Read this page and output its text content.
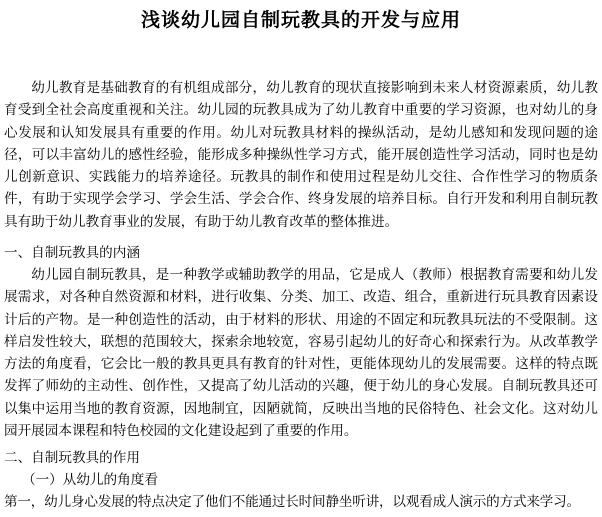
浅谈幼儿园自制玩教具的开发与应用

幼儿教育是基础教育的有机组成部分，幼儿教育的现状直接影响到未来人材资源素质，幼儿教育受到全社会高度重视和关注。幼儿园的玩教具成为了幼儿教育中重要的学习资源，也对幼儿的身心发展和认知发展具有重要的作用。幼儿对玩教具材料的操纵活动，是幼儿感知和发现问题的途径，可以丰富幼儿的感性经验，能形成多种操纵性学习方式，能开展创造性学习活动，同时也是幼儿创新意识、实践能力的培养途径。玩教具的制作和使用过程是幼儿交往、合作性学习的物质条件，有助于实现学会学习、学会生活、学会合作、终身发展的培养目标。自行开发和利用自制玩教具有助于幼儿教育事业的发展，有助于幼儿教育改革的整体推进。

一、自制玩教具的内涵

幼儿园自制玩教具，是一种教学或辅助教学的用品，它是成人（教师）根据教育需要和幼儿发展需求，对各种自然资源和材料，进行收集、分类、加工、改造、组合，重新进行玩具教育因素设计后的产物。是一种创造性的活动，由于材料的形状、用途的不固定和玩教具玩法的不受限制。这样启发性较大，联想的范围较大，探索余地较宽，容易引起幼儿的好奇心和探索行为。从改革教学方法的角度看，它会比一般的教具更具有教育的针对性，更能体现幼儿的发展需要。这样的特点既发挥了师幼的主动性、创作性，又提高了幼儿活动的兴趣，便于幼儿的身心发展。自制玩教具还可以集中运用当地的教育资源，因地制宜，因陋就简，反映出当地的民俗特色、社会文化。这对幼儿园开展园本课程和特色校园的文化建设起到了重要的作用。

二、自制玩教具的作用

（一）从幼儿的角度看

第一，幼儿身心发展的特点决定了他们不能通过长时间静坐听讲，以观看成人演示的方式来学习。
